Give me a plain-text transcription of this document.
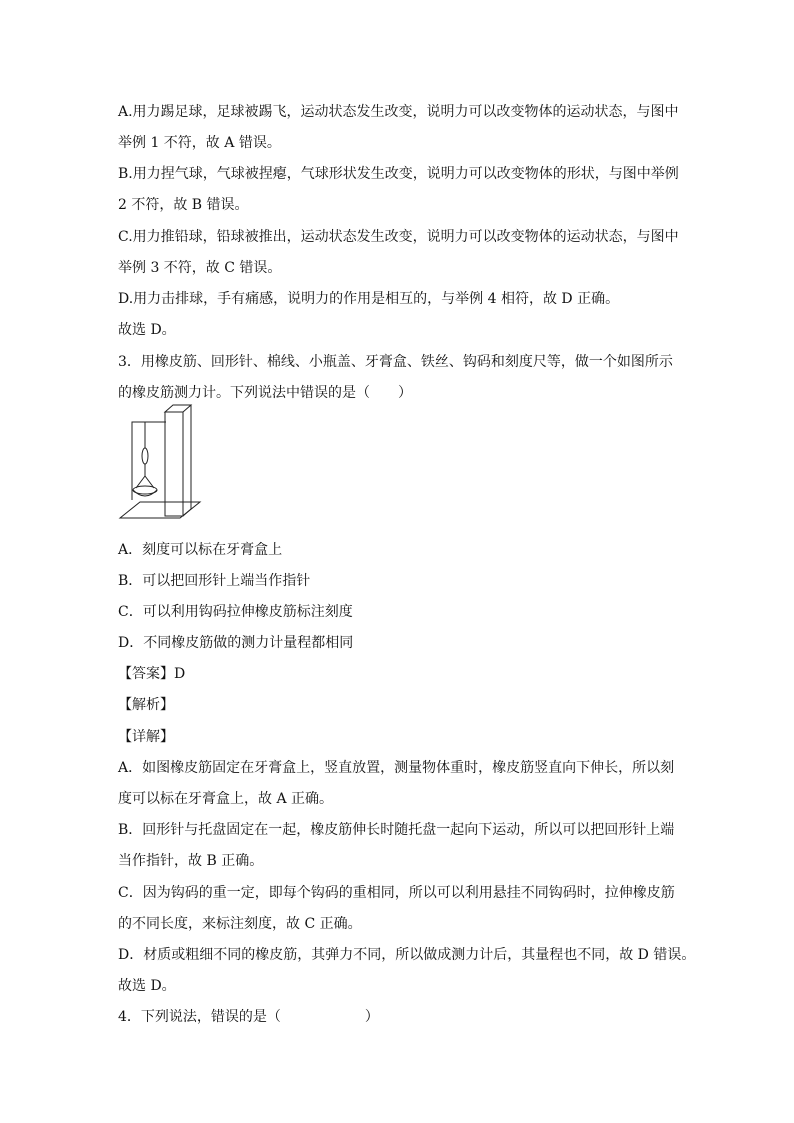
A.用力踢足球，足球被踢飞，运动状态发生改变，说明力可以改变物体的运动状态，与图中
举例 1 不符，故 A 错误。
B.用力捏气球，气球被捏瘪，气球形状发生改变，说明力可以改变物体的形状，与图中举例
2 不符，故 B 错误。
C.用力推铅球，铅球被推出，运动状态发生改变，说明力可以改变物体的运动状态，与图中
举例 3 不符，故 C 错误。
D.用力击排球，手有痛感，说明力的作用是相互的，与举例 4 相符，故 D 正确。
故选 D。
3．用橡皮筋、回形针、棉线、小瓶盖、牙膏盒、铁丝、钩码和刻度尺等，做一个如图所示
的橡皮筋测力计。下列说法中错误的是（　　）
A．刻度可以标在牙膏盒上
B．可以把回形针上端当作指针
C．可以利用钩码拉伸橡皮筋标注刻度
D．不同橡皮筋做的测力计量程都相同
【答案】D
【解析】
【详解】
A．如图橡皮筋固定在牙膏盒上，竖直放置，测量物体重时，橡皮筋竖直向下伸长，所以刻
度可以标在牙膏盒上，故 A 正确。
B．回形针与托盘固定在一起，橡皮筋伸长时随托盘一起向下运动，所以可以把回形针上端
当作指针，故 B 正确。
C．因为钩码的重一定，即每个钩码的重相同，所以可以利用悬挂不同钩码时，拉伸橡皮筋
的不同长度，来标注刻度，故 C 正确。
D．材质或粗细不同的橡皮筋，其弹力不同，所以做成测力计后，其量程也不同，故 D 错误。
故选 D。
4．下列说法，错误的是（　　　　　　）
